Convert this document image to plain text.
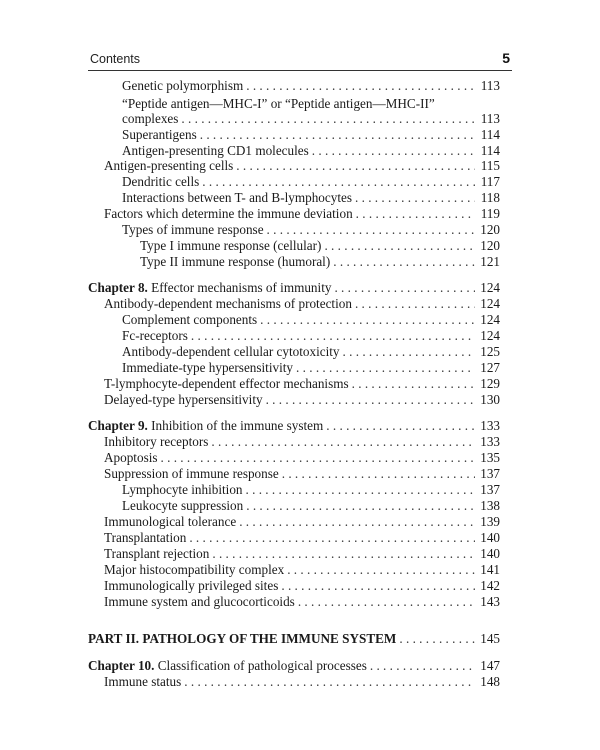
Contents	5
Genetic polymorphism . . .	113
“Peptide antigen—MHC-I” or “Peptide antigen—MHC-II”
complexes . . .	113
Superantigens . . .	114
Antigen-presenting CD1 molecules . . .	114
Antigen-presenting cells . . .	115
Dendritic cells . . .	117
Interactions between T- and B-lymphocytes . . .	118
Factors which determine the immune deviation . . .	119
Types of immune response . . .	120
Type I immune response (cellular) . . .	120
Type II immune response (humoral) . . .	121
Chapter 8. Effector mechanisms of immunity . . .	124
Antibody-dependent mechanisms of protection . . .	124
Complement components . . .	124
Fc-receptors . . .	124
Antibody-dependent cellular cytotoxicity . . .	125
Immediate-type hypersensitivity . . .	127
T-lymphocyte-dependent effector mechanisms . . .	129
Delayed-type hypersensitivity . . .	130
Chapter 9. Inhibition of the immune system . . .	133
Inhibitory receptors . . .	133
Apoptosis . . .	135
Suppression of immune response . . .	137
Lymphocyte inhibition . . .	137
Leukocyte suppression . . .	138
Immunological tolerance . . .	139
Transplantation . . .	140
Transplant rejection . . .	140
Major histocompatibility complex . . .	141
Immunologically privileged sites . . .	142
Immune system and glucocorticoids . . .	143
PART II. PATHOLOGY OF THE IMMUNE SYSTEM . . .	145
Chapter 10. Classification of pathological processes . . .	147
Immune status . . .	148
